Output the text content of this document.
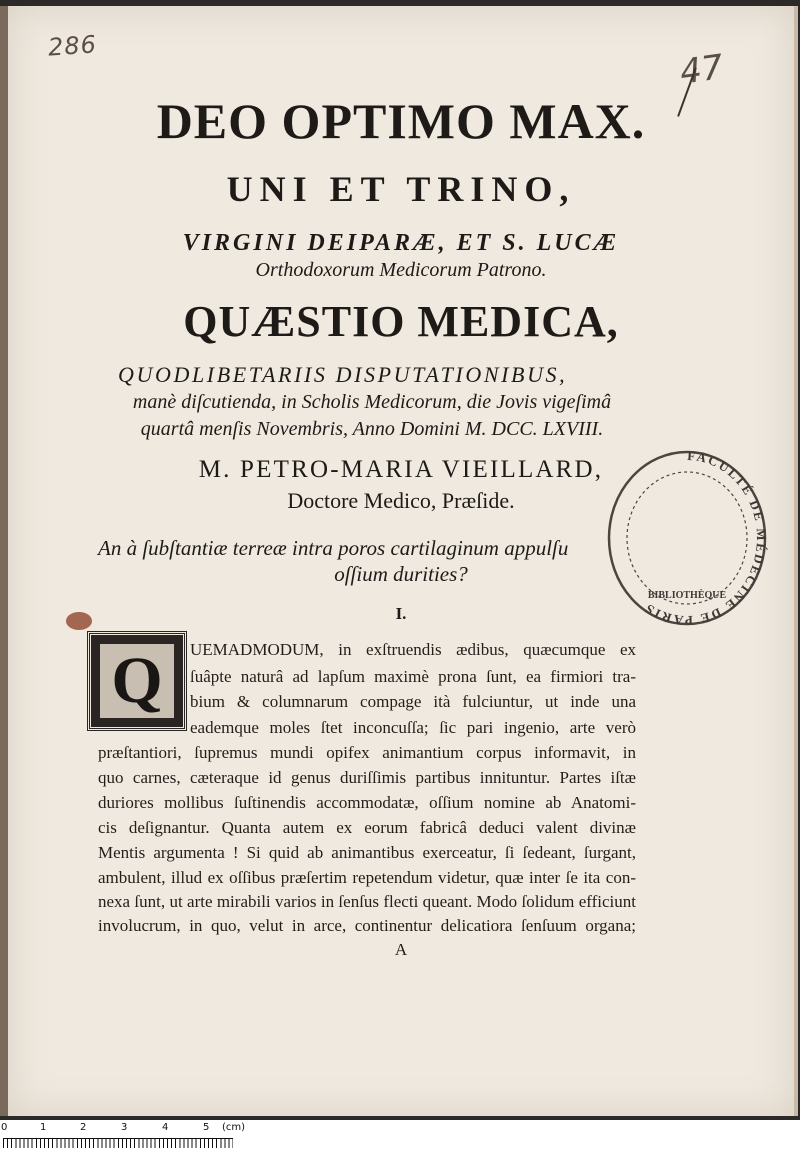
286
47
DEO OPTIMO MAX.
UNI ET TRINO,
VIRGINI DEIPARÆ, ET S. LUCÆ
Orthodoxorum Medicorum Patrono.
QUÆSTIO MEDICA,
QUODLIBETARIIS DISPUTATIONIBUS,
manè diſcutienda, in Scholis Medicorum, die Jovis vigeſimâ
quartâ menſis Novembris, Anno Domini M. DCC. LXVIII.
M. PETRO-MARIA VIEILLARD,
Doctore Medico, Præſide.
An à ſubſtantiæ terreæ intra poros cartilaginum appulſu
oſſium durities?
I.
Q UEMADMODUM, in exſtruendis ædibus, quæcumque ex
ſuâpte naturâ ad lapſum maximè prona ſunt, ea firmiori tra-
bium & columnarum compage ità fulciuntur, ut inde una
eademque moles ſtet inconcuſſa; ſic pari ingenio, arte verò
præſtantiori, ſupremus mundi opifex animantium corpus informavit, in
quo carnes, cæteraque id genus duriſſimis partibus innituntur. Partes iſtæ
duriores mollibus ſuſtinendis accommodatæ, oſſium nomine ab Anatomi-
cis deſignantur. Quanta autem ex eorum fabricâ deduci valent divinæ
Mentis argumenta ! Si quid ab animantibus exerceatur, ſi ſedeant, ſurgant,
ambulent, illud ex oſſibus præſertim repetendum videtur, quæ inter ſe ita con-
nexa ſunt, ut arte mirabili varios in ſenſus flecti queant. Modo ſolidum efficiunt
involucrum, in quo, velut in arce, continentur delicatiora ſenſuum organa;
A
FACULTÉ DE MÉDECINE DE PARIS
BIBLIOTHÈQUE
0	1	2	3	4	5 (cm)
